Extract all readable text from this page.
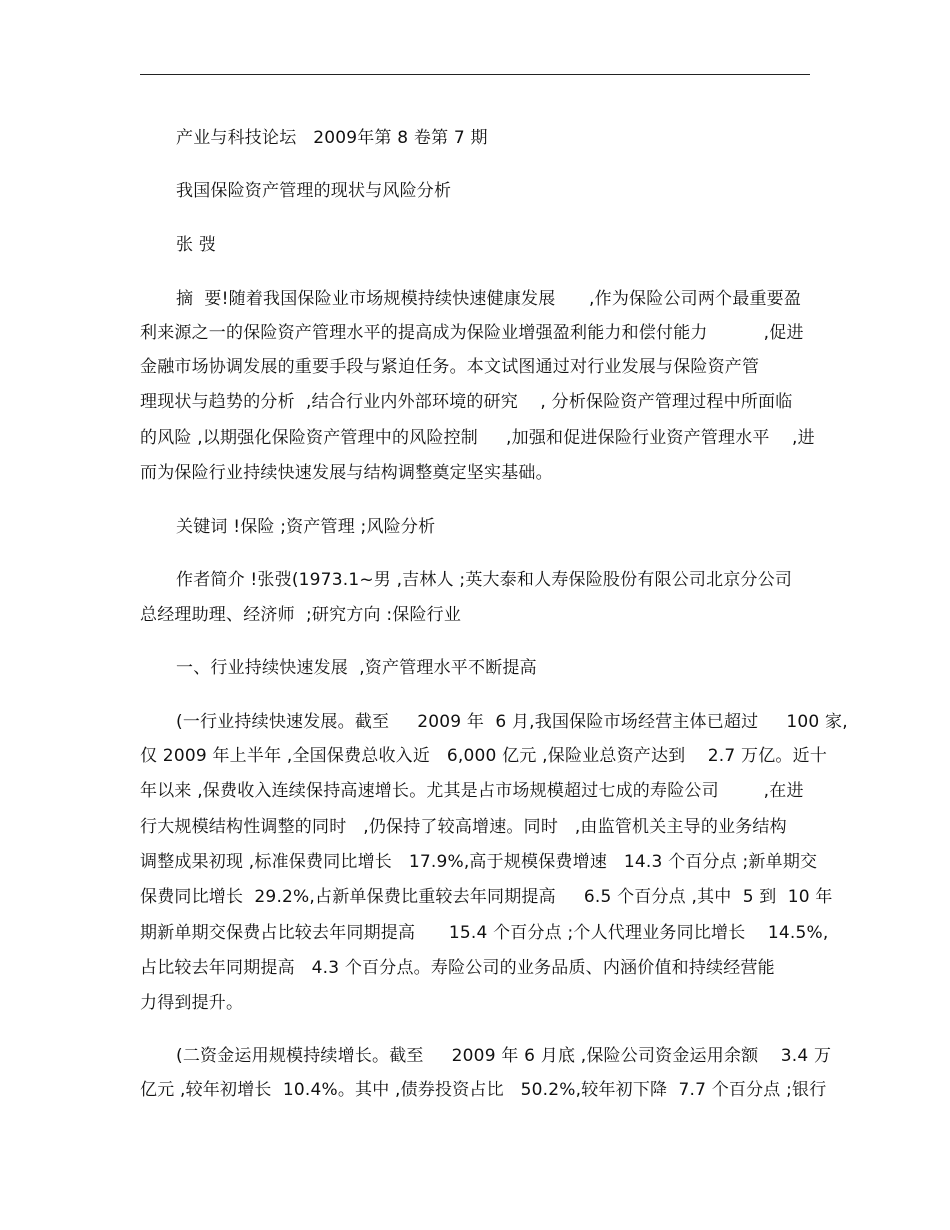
产业与科技论坛   2009年第 8 卷第 7 期
我国保险资产管理的现状与风险分析
张 弢
摘  要!随着我国保险业市场规模持续快速健康发展      ,作为保险公司两个最重要盈
利来源之一的保险资产管理水平的提高成为保险业增强盈利能力和偿付能力          ,促进
金融市场协调发展的重要手段与紧迫任务。本文试图通过对行业发展与保险资产管
理现状与趋势的分析  ,结合行业内外部环境的研究    , 分析保险资产管理过程中所面临
的风险 ,以期强化保险资产管理中的风险控制     ,加强和促进保险行业资产管理水平    ,进
而为保险行业持续快速发展与结构调整奠定坚实基础。
关键词 !保险 ;资产管理 ;风险分析
作者简介 !张弢(1973.1~男 ,吉林人 ;英大泰和人寿保险股份有限公司北京分公司
总经理助理、经济师  ;研究方向 :保险行业
一、行业持续快速发展  ,资产管理水平不断提高
(一行业持续快速发展。截至     2009 年  6 月,我国保险市场经营主体已超过     100 家,
仅 2009 年上半年 ,全国保费总收入近   6,000 亿元 ,保险业总资产达到    2.7 万亿。近十
年以来 ,保费收入连续保持高速增长。尤其是占市场规模超过七成的寿险公司        ,在进
行大规模结构性调整的同时   ,仍保持了较高增速。同时   ,由监管机关主导的业务结构
调整成果初现 ,标准保费同比增长   17.9%,高于规模保费增速   14.3 个百分点 ;新单期交
保费同比增长  29.2%,占新单保费比重较去年同期提高     6.5 个百分点 ,其中  5 到  10 年
期新单期交保费占比较去年同期提高      15.4 个百分点 ;个人代理业务同比增长    14.5%,
占比较去年同期提高   4.3 个百分点。寿险公司的业务品质、内涵价值和持续经营能
力得到提升。
(二资金运用规模持续增长。截至     2009 年 6 月底 ,保险公司资金运用余额    3.4 万
亿元 ,较年初增长  10.4%。其中 ,债券投资占比   50.2%,较年初下降  7.7 个百分点 ;银行
